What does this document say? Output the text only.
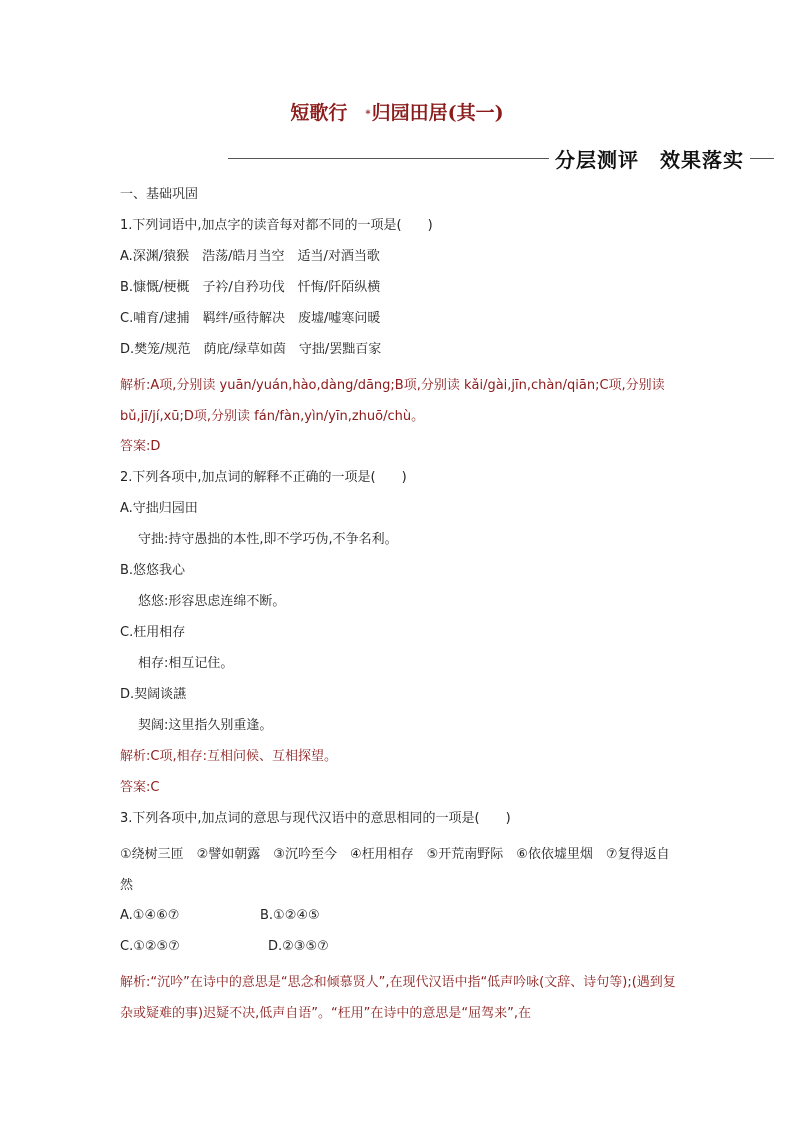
短歌行 *归园田居(其一)
分层测评　效果落实
一、基础巩固
1.下列词语中,加点字的读音每对都不同的一项是(　　)
A.深渊/猿猴　浩荡/皓月当空　适当/对酒当歌
B.慷慨/梗概　子衿/自矜功伐　忏悔/阡陌纵横
C.哺育/逮捕　羁绊/亟待解决　废墟/嘘寒问暖
D.樊笼/规范　荫庇/绿草如茵　守拙/罢黜百家
解析:A项,分别读 yuān/yuán,hào,dàng/dāng;B项,分别读 kǎi/gài,jīn,chàn/qiān;C项,分别读 bǔ,jī/jí,xū;D项,分别读 fán/fàn,yìn/yīn,zhuō/chù。
答案:D
2.下列各项中,加点词的解释不正确的一项是(　　)
A.守拙归园田
守拙:持守愚拙的本性,即不学巧伪,不争名利。
B.悠悠我心
悠悠:形容思虑连绵不断。
C.枉用相存
相存:相互记住。
D.契阔谈讌
契阔:这里指久别重逢。
解析:C项,相存:互相问候、互相探望。
答案:C
3.下列各项中,加点词的意思与现代汉语中的意思相同的一项是(　　)
①绕树三匝　②譬如朝露　③沉吟至今　④枉用相存　⑤开荒南野际　⑥依依墟里烟　⑦复得返自然
A.①④⑥⑦	B.①②④⑤
C.①②⑤⑦	D.②③⑤⑦
解析:“沉吟”在诗中的意思是“思念和倾慕贤人”,在现代汉语中指“低声吟咏(文辞、诗句等);(遇到复杂或疑难的事)迟疑不决,低声自语”。“枉用”在诗中的意思是“屈驾来”,在
